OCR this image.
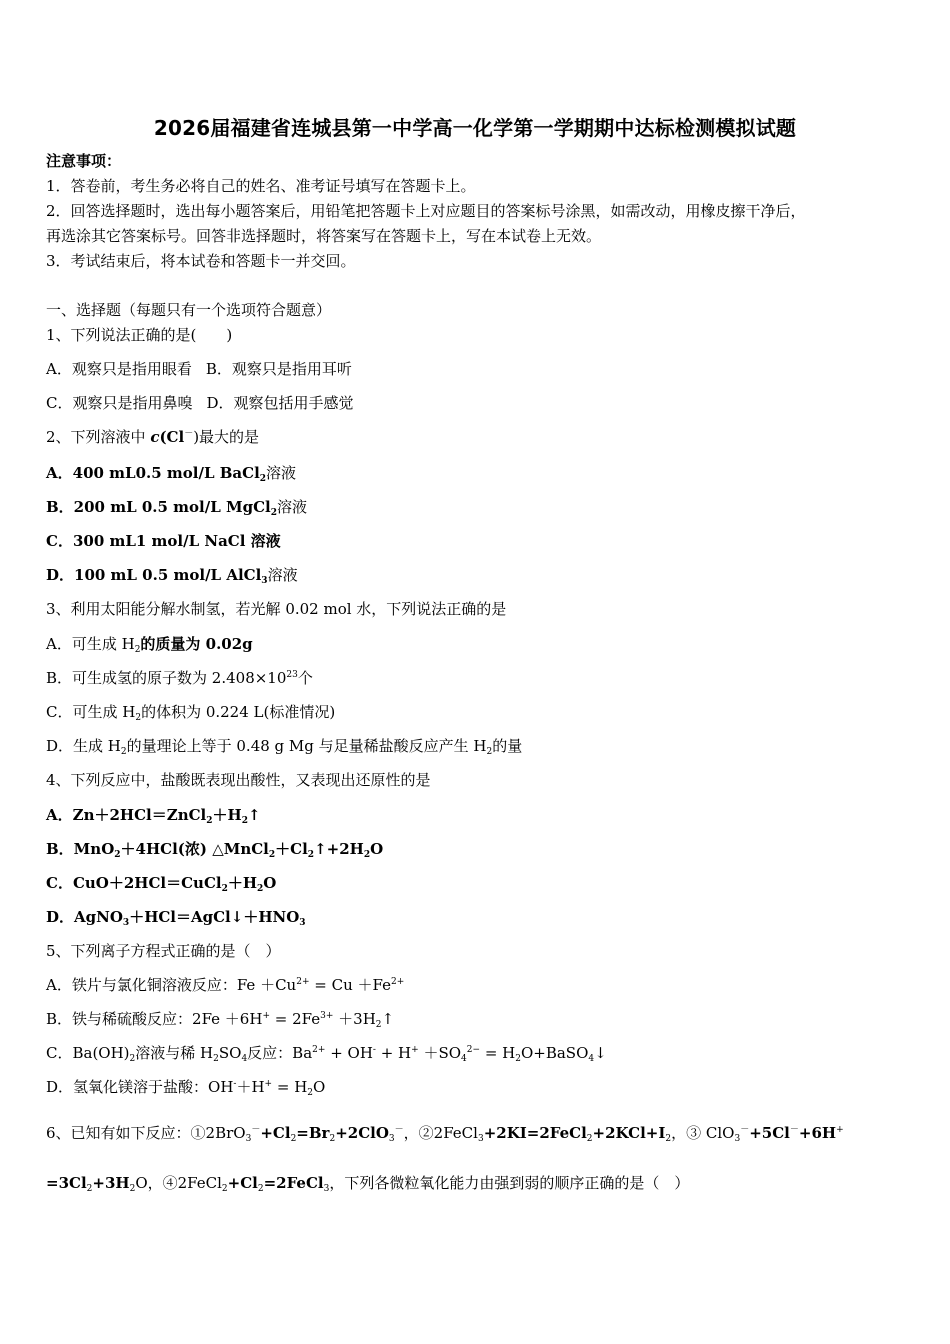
2026届福建省连城县第一中学高一化学第一学期期中达标检测模拟试题
注意事项：
1．答卷前，考生务必将自己的姓名、准考证号填写在答题卡上。
2．回答选择题时，选出每小题答案后，用铅笔把答题卡上对应题目的答案标号涂黑，如需改动，用橡皮擦干净后，
再选涂其它答案标号。回答非选择题时，将答案写在答题卡上，写在本试卷上无效。
3．考试结束后，将本试卷和答题卡一并交回。
一、选择题（每题只有一个选项符合题意）
1、下列说法正确的是(　　)
A．观察只是指用眼看 B．观察只是指用耳听
C．观察只是指用鼻嗅 D．观察包括用手感觉
2、下列溶液中 c(Cl－)最大的是
A．400 mL0.5 mol/L BaCl$_2$溶液
B．200 mL 0.5 mol/L MgCl$_2$溶液
C．300 mL1 mol/L NaCl 溶液
D．100 mL 0.5 mol/L AlCl$_3$溶液
3、利用太阳能分解水制氢，若光解 0.02 mol 水，下列说法正确的是
A．可生成 $H_2$的质量为 0.02g
B．可生成氢的原子数为 $2.408\times 10^{23}$个
C．可生成 $H_2$的体积为 0.224 L(标准情况)
D．生成 $H_2$的量理论上等于 0.48 g Mg 与足量稀盐酸反应产生 $H_2$的量
4、下列反应中，盐酸既表现出酸性，又表现出还原性的是
A．$Zn+2HCl=ZnCl_2+H_2↑$
B．MnO$_2$＋4HCl(浓) $\triangle MnCl_2+Cl_2↑+2H_2O$
C．$CuO+2HCl=CuCl_2+H_2O$
D．$AgNO_3+HCl=AgCl↓+HNO_3$
5、下列离子方程式正确的是（　）
A．铁片与氯化铜溶液反应：$Fe +Cu^{2+} = Cu +Fe^{2+}$
B．铁与稀硫酸反应：$2Fe +6H^+ = 2Fe^{3+}$ $+3H_2↑$
C．$Ba(OH)_2$溶液与稀 $H_2SO_4$反应：$Ba^{2+} + OH^- + H^+ +SO_4^{2-}$ = $H_2O+BaSO_4↓$
D．氢氧化镁溶于盐酸：$OH^-+H^+ = H_2O$
6、已知有如下反应：$①2BrO_3^-+Cl_2=Br_2+2ClO_3^-$，$②2FeCl_3+2KI=2FeCl_2+2KCl+I_2$，③ ClO$_3$－+5Cl－+6H+
$=3Cl_2+3H_2O$，$④2FeCl_2+Cl_2=2FeCl_3$，下列各微粒氧化能力由强到弱的顺序正确的是（　）
